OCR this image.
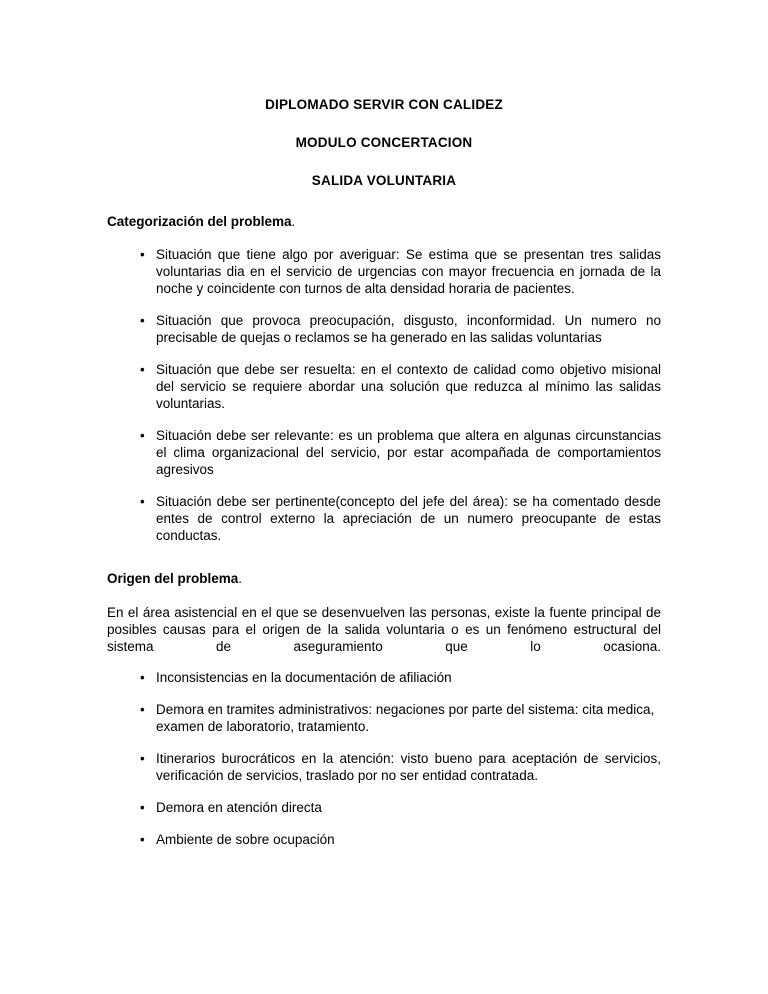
DIPLOMADO SERVIR CON CALIDEZ
MODULO CONCERTACION
SALIDA VOLUNTARIA
Categorización del problema.
• Situación que tiene algo por averiguar: Se estima que se presentan tres salidas voluntarias dia en el servicio de urgencias con mayor frecuencia en jornada de la noche y coincidente con turnos de alta densidad horaria de pacientes.
• Situación que provoca preocupación, disgusto, inconformidad. Un numero no precisable de quejas o reclamos se ha generado en las salidas voluntarias
• Situación que debe ser resuelta: en el contexto de calidad como objetivo misional del servicio se requiere abordar una solución que reduzca al mínimo las salidas voluntarias.
• Situación debe ser relevante: es un problema que altera en algunas circunstancias el clima organizacional del servicio, por estar acompañada de comportamientos agresivos
• Situación debe ser pertinente(concepto del jefe del área): se ha comentado desde entes de control externo la apreciación de un numero preocupante de estas conductas.
Origen del problema.

En el área asistencial en el que se desenvuelven las personas, existe la fuente principal de posibles causas para el origen de la salida voluntaria o es un fenómeno estructural del sistema de aseguramiento que lo ocasiona.

• Inconsistencias en la documentación de afiliación
• Demora en tramites administrativos: negaciones por parte del sistema: cita medica, examen de laboratorio, tratamiento.
• Itinerarios burocráticos en la atención: visto bueno para aceptación de servicios, verificación de servicios, traslado por no ser entidad contratada.
• Demora en atención directa
• Ambiente de sobre ocupación
